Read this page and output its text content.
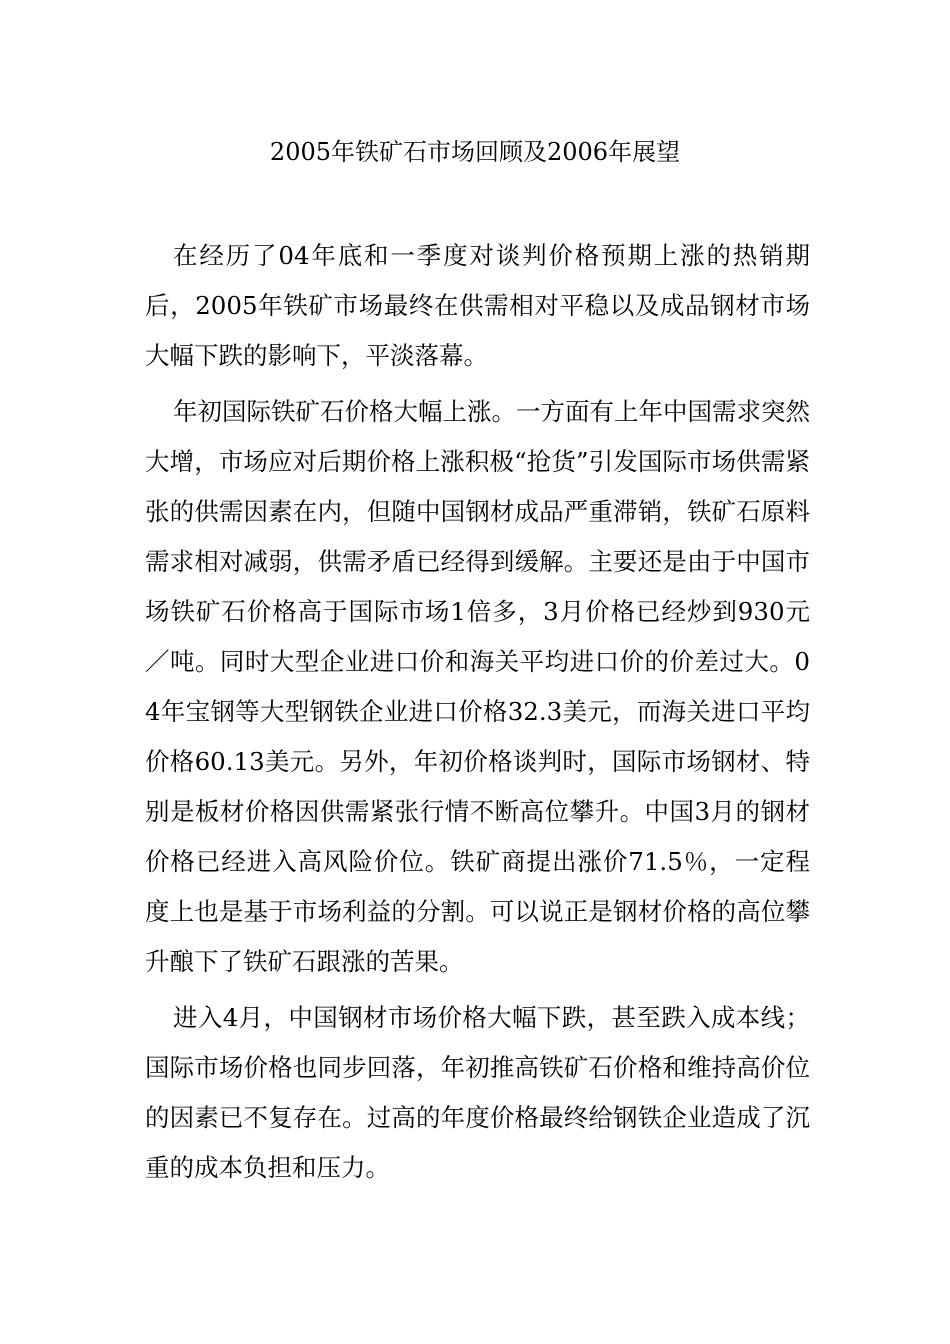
2005年铁矿石市场回顾及2006年展望

在经历了04年底和一季度对谈判价格预期上涨的热销期后，2005年铁矿市场最终在供需相对平稳以及成品钢材市场大幅下跌的影响下，平淡落幕。

年初国际铁矿石价格大幅上涨。一方面有上年中国需求突然大增，市场应对后期价格上涨积极“抢货”引发国际市场供需紧张的供需因素在内，但随中国钢材成品严重滞销，铁矿石原料需求相对减弱，供需矛盾已经得到缓解。主要还是由于中国市场铁矿石价格高于国际市场1倍多，3月价格已经炒到930元／吨。同时大型企业进口价和海关平均进口价的价差过大。04年宝钢等大型钢铁企业进口价格32.3美元，而海关进口平均价格60.13美元。另外，年初价格谈判时，国际市场钢材、特别是板材价格因供需紧张行情不断高位攀升。中国3月的钢材价格已经进入高风险价位。铁矿商提出涨价71.5％，一定程度上也是基于市场利益的分割。可以说正是钢材价格的高位攀升酿下了铁矿石跟涨的苦果。

进入4月，中国钢材市场价格大幅下跌，甚至跌入成本线；国际市场价格也同步回落，年初推高铁矿石价格和维持高价位的因素已不复存在。过高的年度价格最终给钢铁企业造成了沉重的成本负担和压力。
